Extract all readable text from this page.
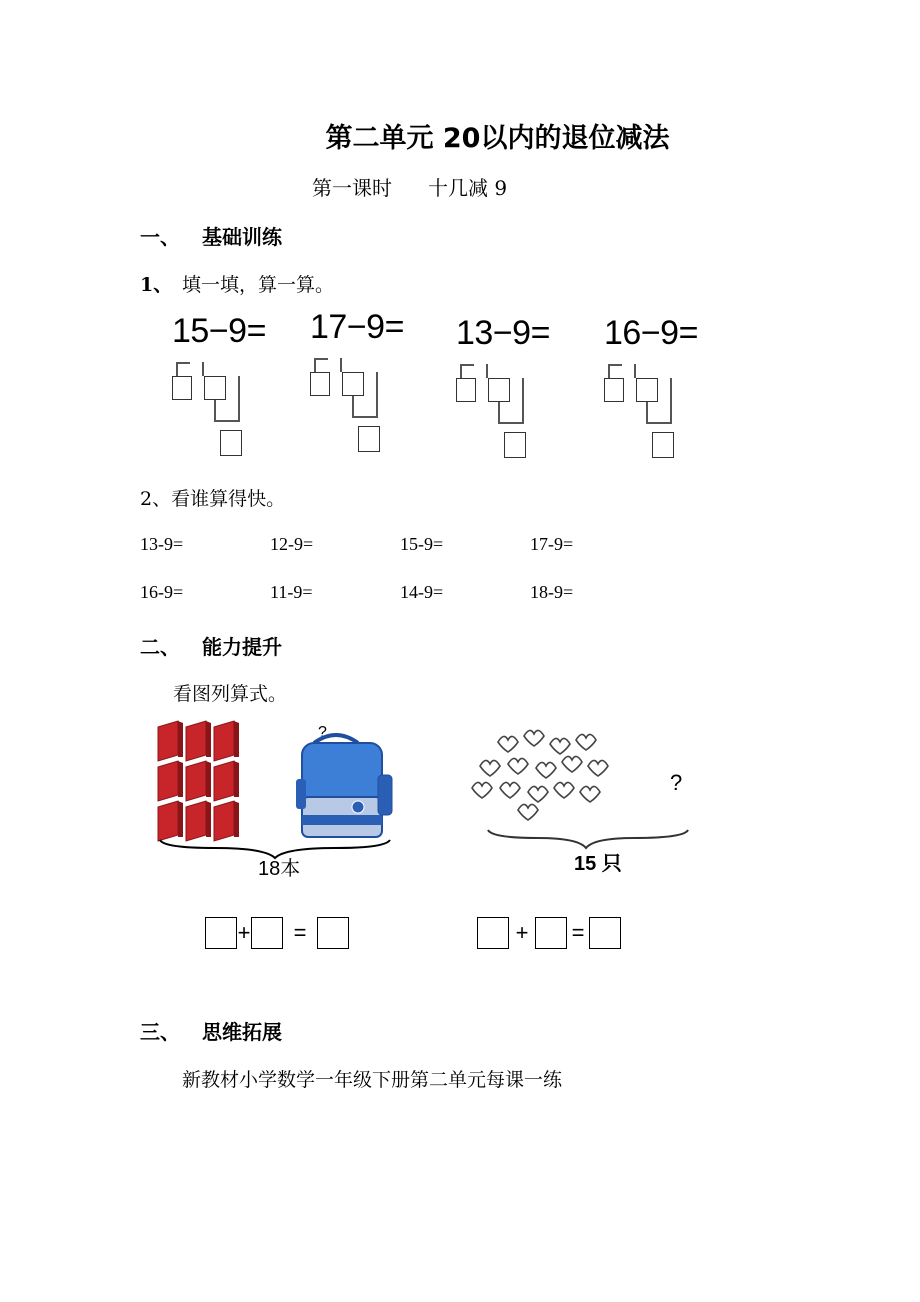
第二单元 20以内的退位减法
第一课时 十几减 9
一、 基础训练
1、 填一填，算一算。
15−9= 17−9= 13−9= 16−9=
2、看谁算得快。
13-9=	12-9=	15-9=	17-9=
16-9=	11-9=	14-9=	18-9=
二、 能力提升
看图列算式。
?
18本
?
15 只
+ =	+ =
三、 思维拓展
新教材小学数学一年级下册第二单元每课一练
